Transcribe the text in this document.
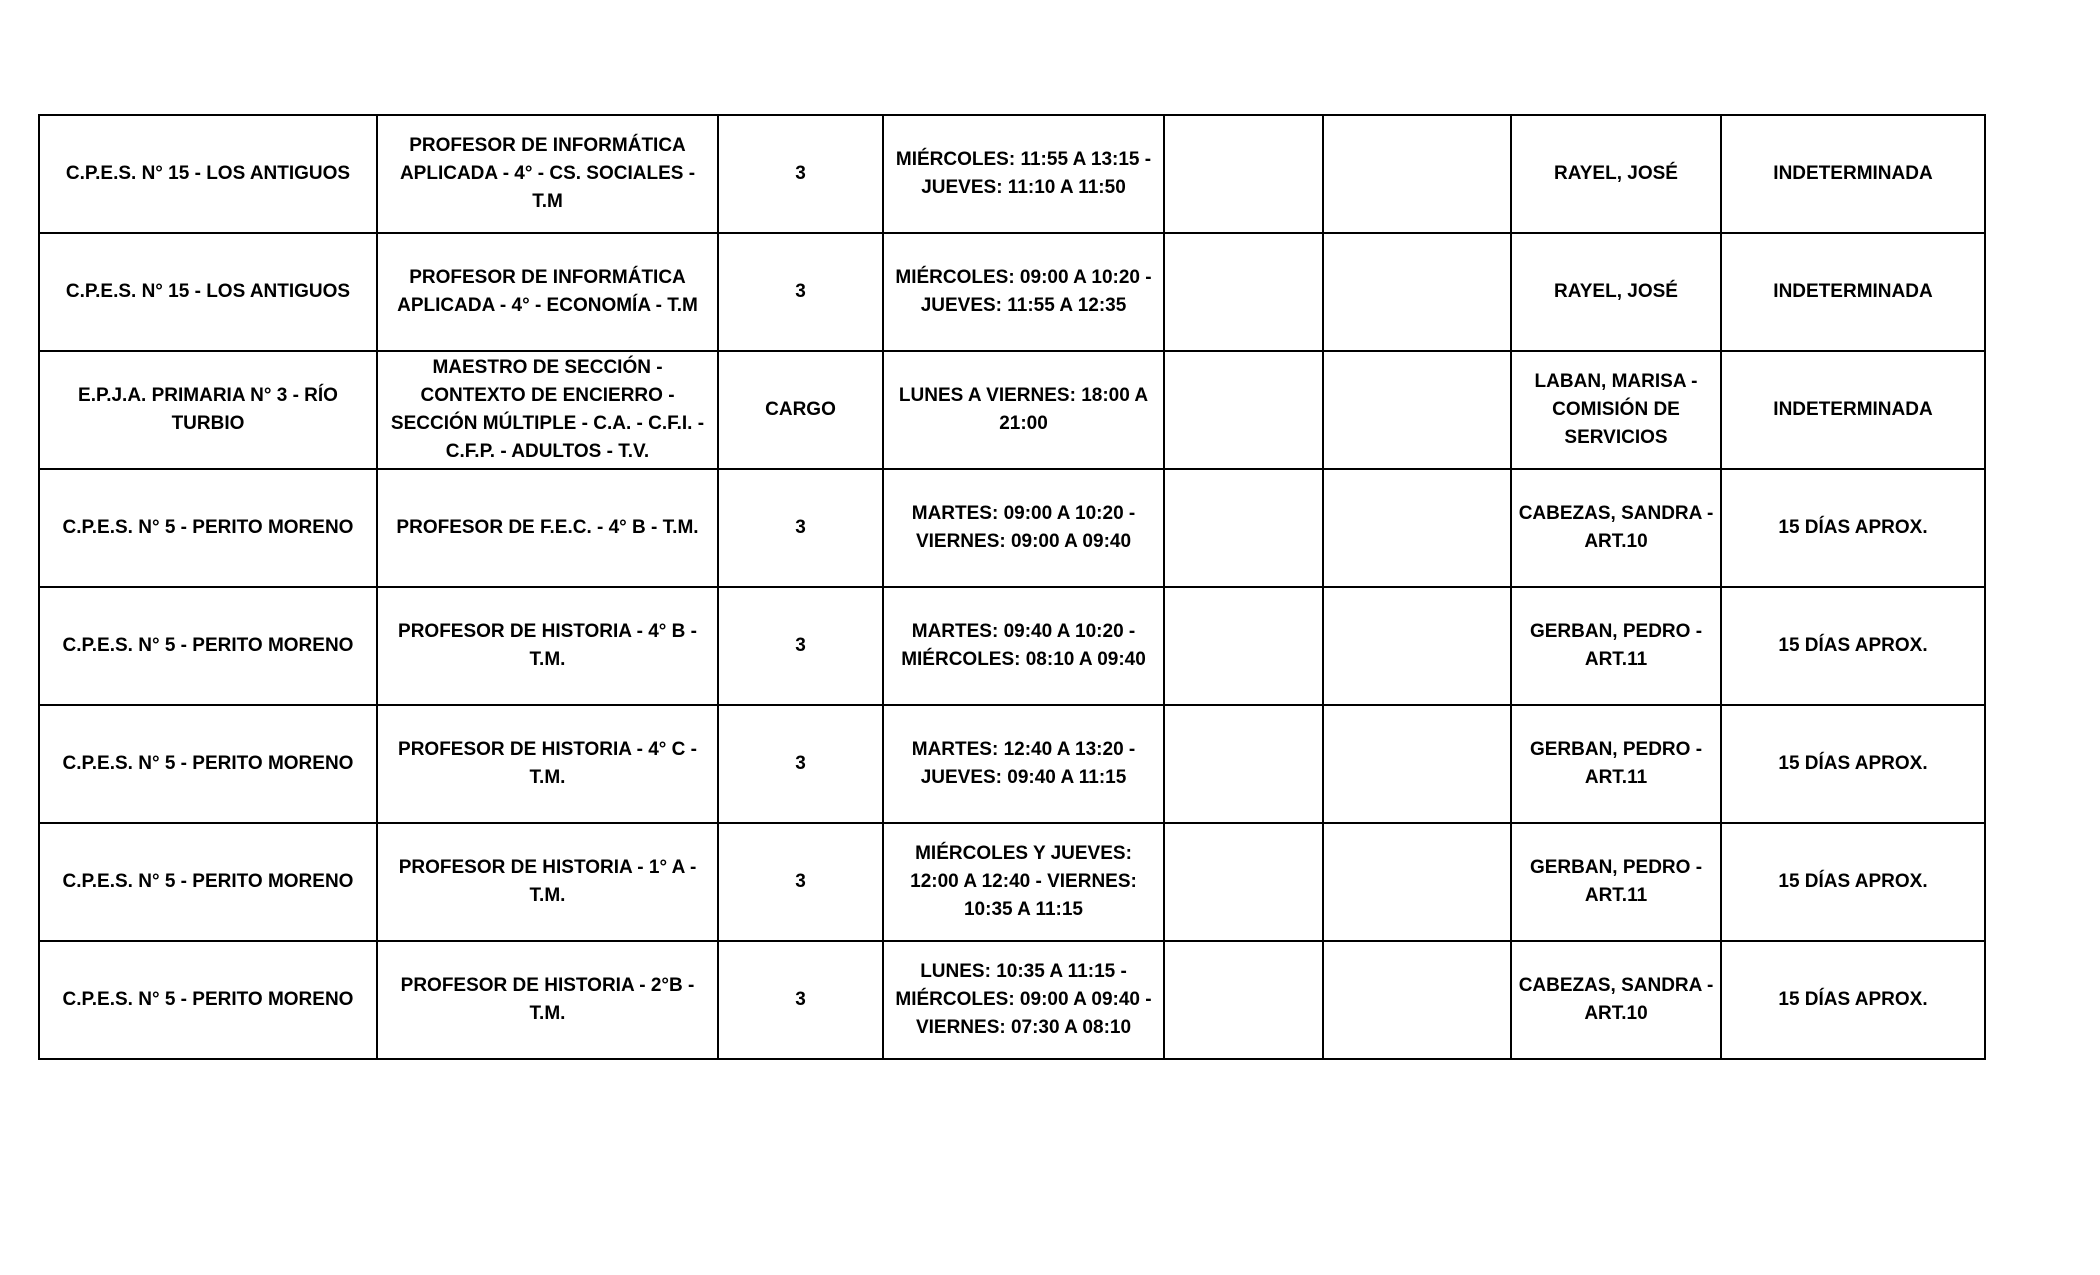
C.P.E.S. N° 15 - LOS ANTIGUOS	PROFESOR DE INFORMÁTICA APLICADA - 4° - CS. SOCIALES - T.M	3	MIÉRCOLES: 11:55 A 13:15 - JUEVES: 11:10 A 11:50			RAYEL, JOSÉ	INDETERMINADA
C.P.E.S. N° 15 - LOS ANTIGUOS	PROFESOR DE INFORMÁTICA APLICADA - 4° - ECONOMÍA - T.M	3	MIÉRCOLES: 09:00 A 10:20 - JUEVES: 11:55 A 12:35			RAYEL, JOSÉ	INDETERMINADA
E.P.J.A. PRIMARIA N° 3 - RÍO TURBIO	MAESTRO DE SECCIÓN - CONTEXTO DE ENCIERRO - SECCIÓN MÚLTIPLE - C.A. - C.F.I. - C.F.P. - ADULTOS - T.V.	CARGO	LUNES A VIERNES: 18:00 A 21:00			LABAN, MARISA - COMISIÓN DE SERVICIOS	INDETERMINADA
C.P.E.S. N° 5 - PERITO MORENO	PROFESOR DE F.E.C. - 4° B - T.M.	3	MARTES: 09:00 A 10:20 - VIERNES: 09:00 A 09:40			CABEZAS, SANDRA - ART.10	15 DÍAS APROX.
C.P.E.S. N° 5 - PERITO MORENO	PROFESOR DE HISTORIA - 4° B - T.M.	3	MARTES: 09:40 A 10:20 - MIÉRCOLES: 08:10 A 09:40			GERBAN, PEDRO - ART.11	15 DÍAS APROX.
C.P.E.S. N° 5 - PERITO MORENO	PROFESOR DE HISTORIA - 4° C - T.M.	3	MARTES: 12:40 A 13:20 - JUEVES: 09:40 A 11:15			GERBAN, PEDRO - ART.11	15 DÍAS APROX.
C.P.E.S. N° 5 - PERITO MORENO	PROFESOR DE HISTORIA - 1° A - T.M.	3	MIÉRCOLES Y JUEVES: 12:00 A 12:40 - VIERNES: 10:35 A 11:15			GERBAN, PEDRO - ART.11	15 DÍAS APROX.
C.P.E.S. N° 5 - PERITO MORENO	PROFESOR DE HISTORIA - 2°B - T.M.	3	LUNES: 10:35 A 11:15 - MIÉRCOLES: 09:00 A 09:40 - VIERNES: 07:30 A 08:10			CABEZAS, SANDRA - ART.10	15 DÍAS APROX.
